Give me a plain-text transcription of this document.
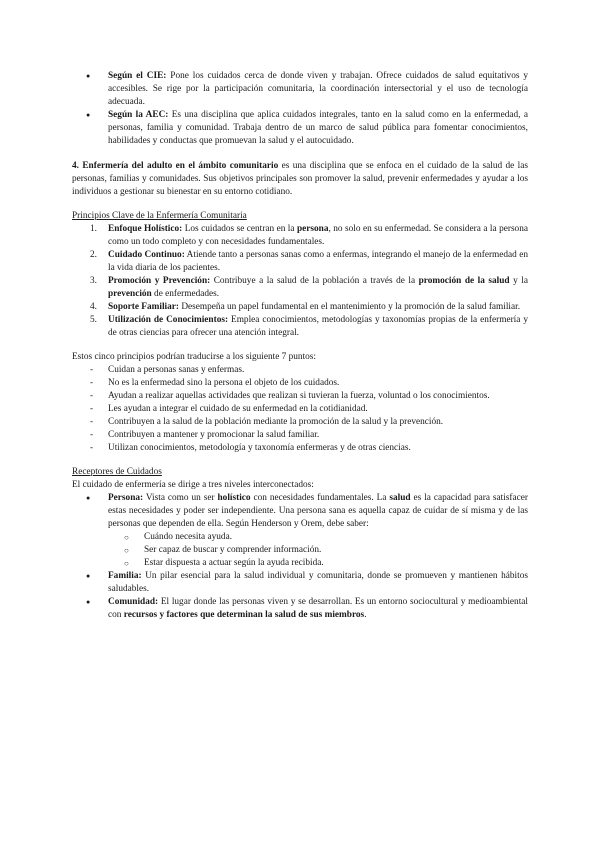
● Según el CIE: Pone los cuidados cerca de donde viven y trabajan. Ofrece cuidados de salud equitativos y accesibles. Se rige por la participación comunitaria, la coordinación intersectorial y el uso de tecnología adecuada.
● Según la AEC: Es una disciplina que aplica cuidados integrales, tanto en la salud como en la enfermedad, a personas, familia y comunidad. Trabaja dentro de un marco de salud pública para fomentar conocimientos, habilidades y conductas que promuevan la salud y el autocuidado.

4. Enfermería del adulto en el ámbito comunitario es una disciplina que se enfoca en el cuidado de la salud de las personas, familias y comunidades. Sus objetivos principales son promover la salud, prevenir enfermedades y ayudar a los individuos a gestionar su bienestar en su entorno cotidiano.

Principios Clave de la Enfermería Comunitaria
1. Enfoque Holístico: Los cuidados se centran en la persona, no solo en su enfermedad. Se considera a la persona como un todo completo y con necesidades fundamentales.
2. Cuidado Continuo: Atiende tanto a personas sanas como a enfermas, integrando el manejo de la enfermedad en la vida diaria de los pacientes.
3. Promoción y Prevención: Contribuye a la salud de la población a través de la promoción de la salud y la prevención de enfermedades.
4. Soporte Familiar: Desempeña un papel fundamental en el mantenimiento y la promoción de la salud familiar.
5. Utilización de Conocimientos: Emplea conocimientos, metodologías y taxonomías propias de la enfermería y de otras ciencias para ofrecer una atención integral.
Estos cinco principios podrían traducirse a los siguiente 7 puntos:
- Cuidan a personas sanas y enfermas.
- No es la enfermedad sino la persona el objeto de los cuidados.
- Ayudan a realizar aquellas actividades que realizan si tuvieran la fuerza, voluntad o los conocimientos.
- Les ayudan a integrar el cuidado de su enfermedad en la cotidianidad.
- Contribuyen a la salud de la población mediante la promoción de la salud y la prevención.
- Contribuyen a mantener y promocionar la salud familiar.
- Utilizan conocimientos, metodología y taxonomía enfermeras y de otras ciencias.
Receptores de Cuidados
El cuidado de enfermería se dirige a tres niveles interconectados:
● Persona: Vista como un ser holístico con necesidades fundamentales. La salud es la capacidad para satisfacer estas necesidades y poder ser independiente. Una persona sana es aquella capaz de cuidar de sí misma y de las personas que dependen de ella. Según Henderson y Orem, debe saber:
○ Cuándo necesita ayuda.
○ Ser capaz de buscar y comprender información.
○ Estar dispuesta a actuar según la ayuda recibida.
● Familia: Un pilar esencial para la salud individual y comunitaria, donde se promueven y mantienen hábitos saludables.
● Comunidad: El lugar donde las personas viven y se desarrollan. Es un entorno sociocultural y medioambiental con recursos y factores que determinan la salud de sus miembros.
